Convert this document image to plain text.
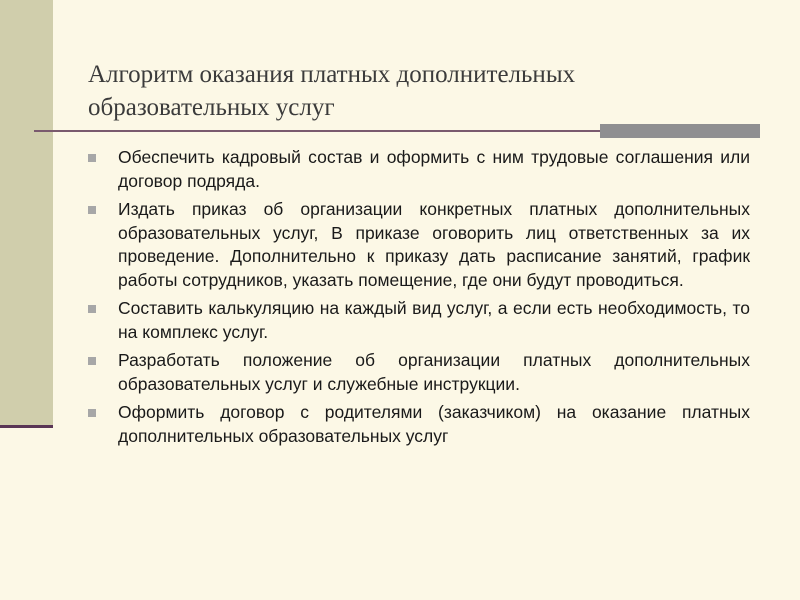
Алгоритм оказания платных дополнительных образовательных услуг
Обеспечить кадровый состав и оформить с ним трудовые соглашения или договор подряда.
Издать приказ об организации конкретных платных дополнительных образовательных услуг, В приказе оговорить лиц ответственных за их проведение. Дополнительно к приказу дать расписание занятий, график работы сотрудников, указать помещение, где они будут проводиться.
Составить калькуляцию на каждый вид услуг, а если есть необходимость, то на комплекс услуг.
Разработать положение об организации платных дополнительных образовательных услуг и служебные инструкции.
Оформить договор с родителями (заказчиком) на оказание платных дополнительных образовательных услуг
